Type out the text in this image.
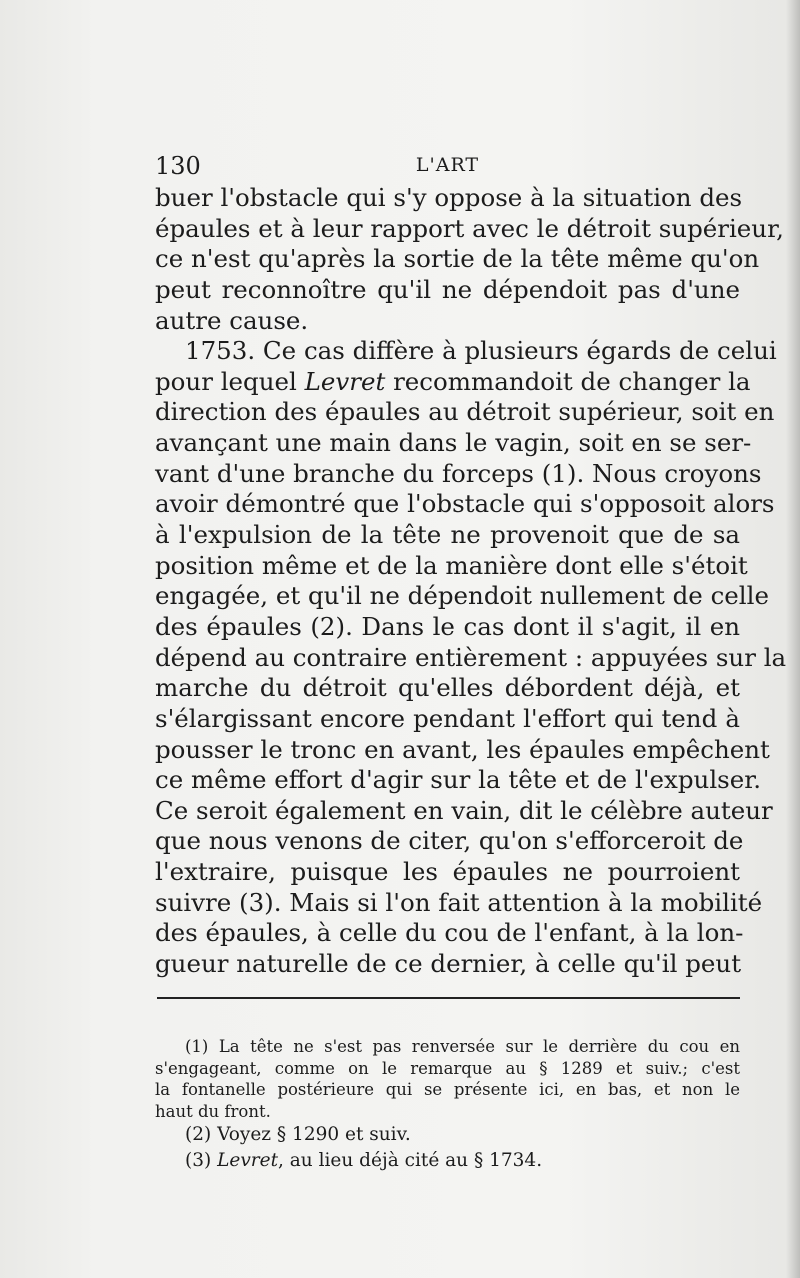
130	L'ART
buer l'obstacle qui s'y oppose à la situation des
épaules et à leur rapport avec le détroit supérieur,
ce n'est qu'après la sortie de la tête même qu'on
peut reconnoître qu'il ne dépendoit pas d'une
autre cause.
1753. Ce cas diffère à plusieurs égards de celui
pour lequel Levret recommandoit de changer la
direction des épaules au détroit supérieur, soit en
avançant une main dans le vagin, soit en se ser-
vant d'une branche du forceps (1). Nous croyons
avoir démontré que l'obstacle qui s'opposoit alors
à l'expulsion de la tête ne provenoit que de sa
position même et de la manière dont elle s'étoit
engagée, et qu'il ne dépendoit nullement de celle
des épaules (2). Dans le cas dont il s'agit, il en
dépend au contraire entièrement : appuyées sur la
marche du détroit qu'elles débordent déjà, et
s'élargissant encore pendant l'effort qui tend à
pousser le tronc en avant, les épaules empêchent
ce même effort d'agir sur la tête et de l'expulser.
Ce seroit également en vain, dit le célèbre auteur
que nous venons de citer, qu'on s'efforceroit de
l'extraire, puisque les épaules ne pourroient
suivre (3). Mais si l'on fait attention à la mobilité
des épaules, à celle du cou de l'enfant, à la lon-
gueur naturelle de ce dernier, à celle qu'il peut
(1) La tête ne s'est pas renversée sur le derrière du cou en
s'engageant, comme on le remarque au § 1289 et suiv.; c'est
la fontanelle postérieure qui se présente ici, en bas, et non le
haut du front.
(2) Voyez § 1290 et suiv.
(3) Levret, au lieu déjà cité au § 1734.
